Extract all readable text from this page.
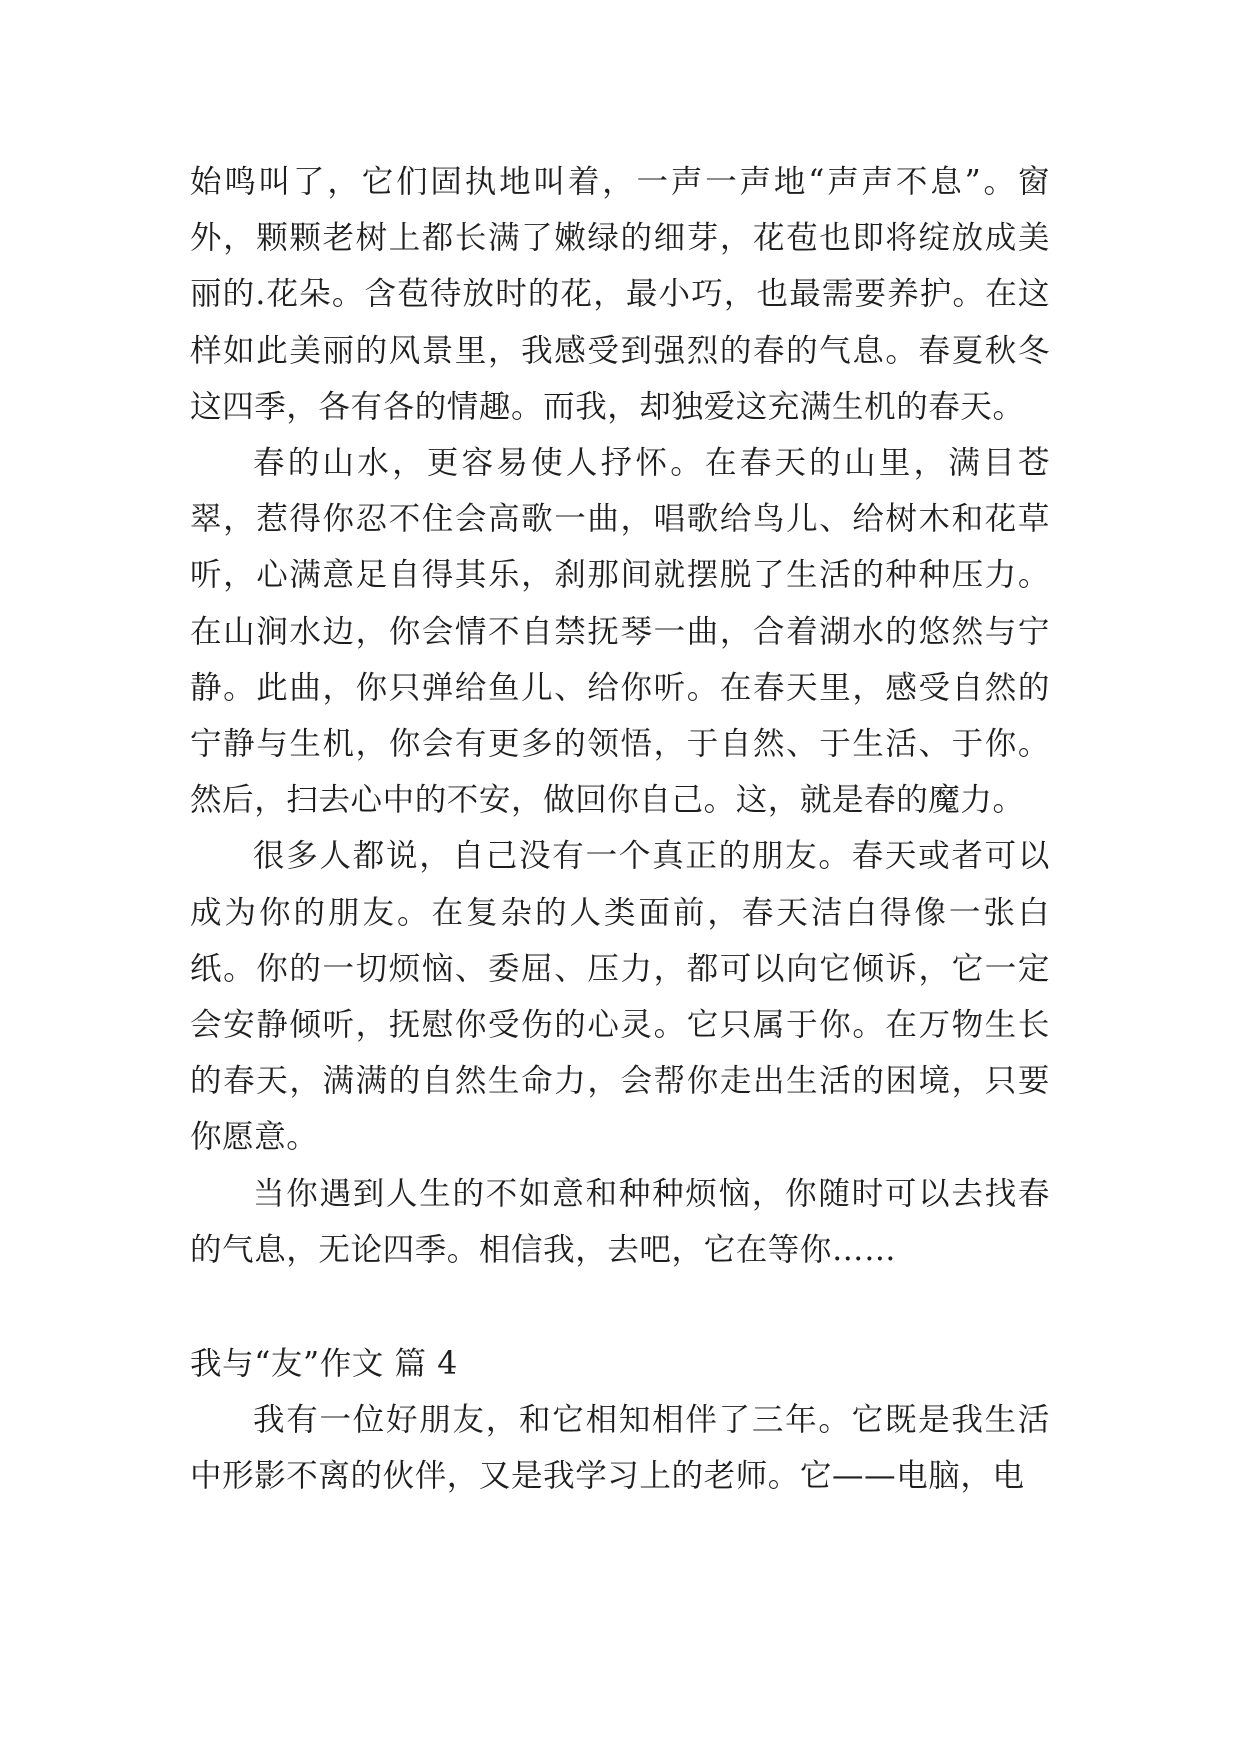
始鸣叫了，它们固执地叫着，一声一声地“声声不息”。窗外，颗颗老树上都长满了嫩绿的细芽，花苞也即将绽放成美丽的.花朵。含苞待放时的花，最小巧，也最需要养护。在这样如此美丽的风景里，我感受到强烈的春的气息。春夏秋冬这四季，各有各的情趣。而我，却独爱这充满生机的春天。

春的山水，更容易使人抒怀。在春天的山里，满目苍翠，惹得你忍不住会高歌一曲，唱歌给鸟儿、给树木和花草听，心满意足自得其乐，刹那间就摆脱了生活的种种压力。在山涧水边，你会情不自禁抚琴一曲，合着湖水的悠然与宁静。此曲，你只弹给鱼儿、给你听。在春天里，感受自然的宁静与生机，你会有更多的领悟，于自然、于生活、于你。然后，扫去心中的不安，做回你自己。这，就是春的魔力。

很多人都说，自己没有一个真正的朋友。春天或者可以成为你的朋友。在复杂的人类面前，春天洁白得像一张白纸。你的一切烦恼、委屈、压力，都可以向它倾诉，它一定会安静倾听，抚慰你受伤的心灵。它只属于你。在万物生长的春天，满满的自然生命力，会帮你走出生活的困境，只要你愿意。

当你遇到人生的不如意和种种烦恼，你随时可以去找春的气息，无论四季。相信我，去吧，它在等你……

我与“友”作文 篇 4

我有一位好朋友，和它相知相伴了三年。它既是我生活中形影不离的伙伴，又是我学习上的老师。它——电脑，电
